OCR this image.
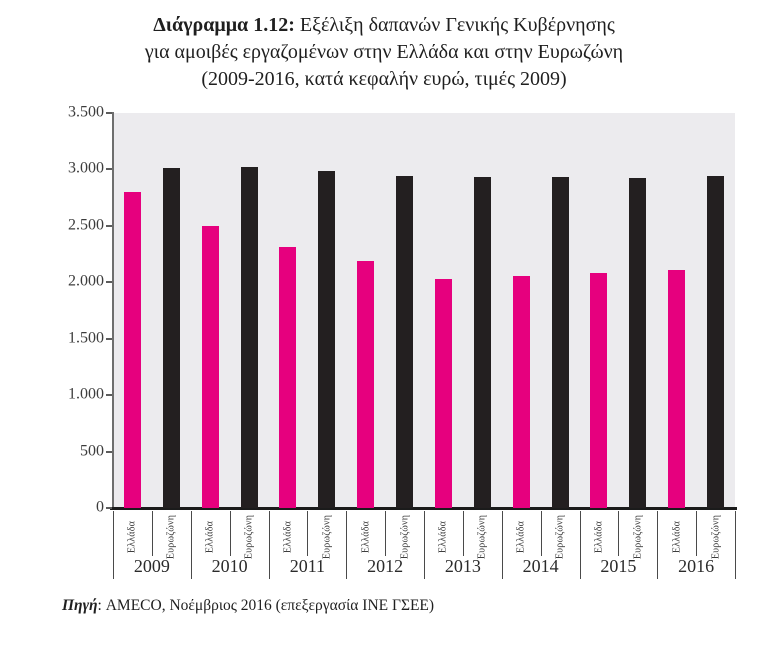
Διάγραμμα 1.12: Εξέλιξη δαπανών Γενικής Κυβέρνησης
για αμοιβές εργαζομένων στην Ελλάδα και στην Ευρωζώνη
(2009-2016, κατά κεφαλήν ευρώ, τιμές 2009)
0
500
1.000
1.500
2.000
2.500
3.000
3.500
Ελλάδα	Ευρωζώνη	Ελλάδα	Ευρωζώνη	Ελλάδα	Ευρωζώνη	Ελλάδα	Ευρωζώνη	Ελλάδα	Ευρωζώνη	Ελλάδα	Ευρωζώνη	Ελλάδα	Ευρωζώνη	Ελλάδα	Ευρωζώνη
2009 2010 2011 2012 2013 2014 2015 2016
Πηγή: AMECO, Νοέμβριος 2016 (επεξεργασία ΙΝΕ ΓΣΕΕ)
